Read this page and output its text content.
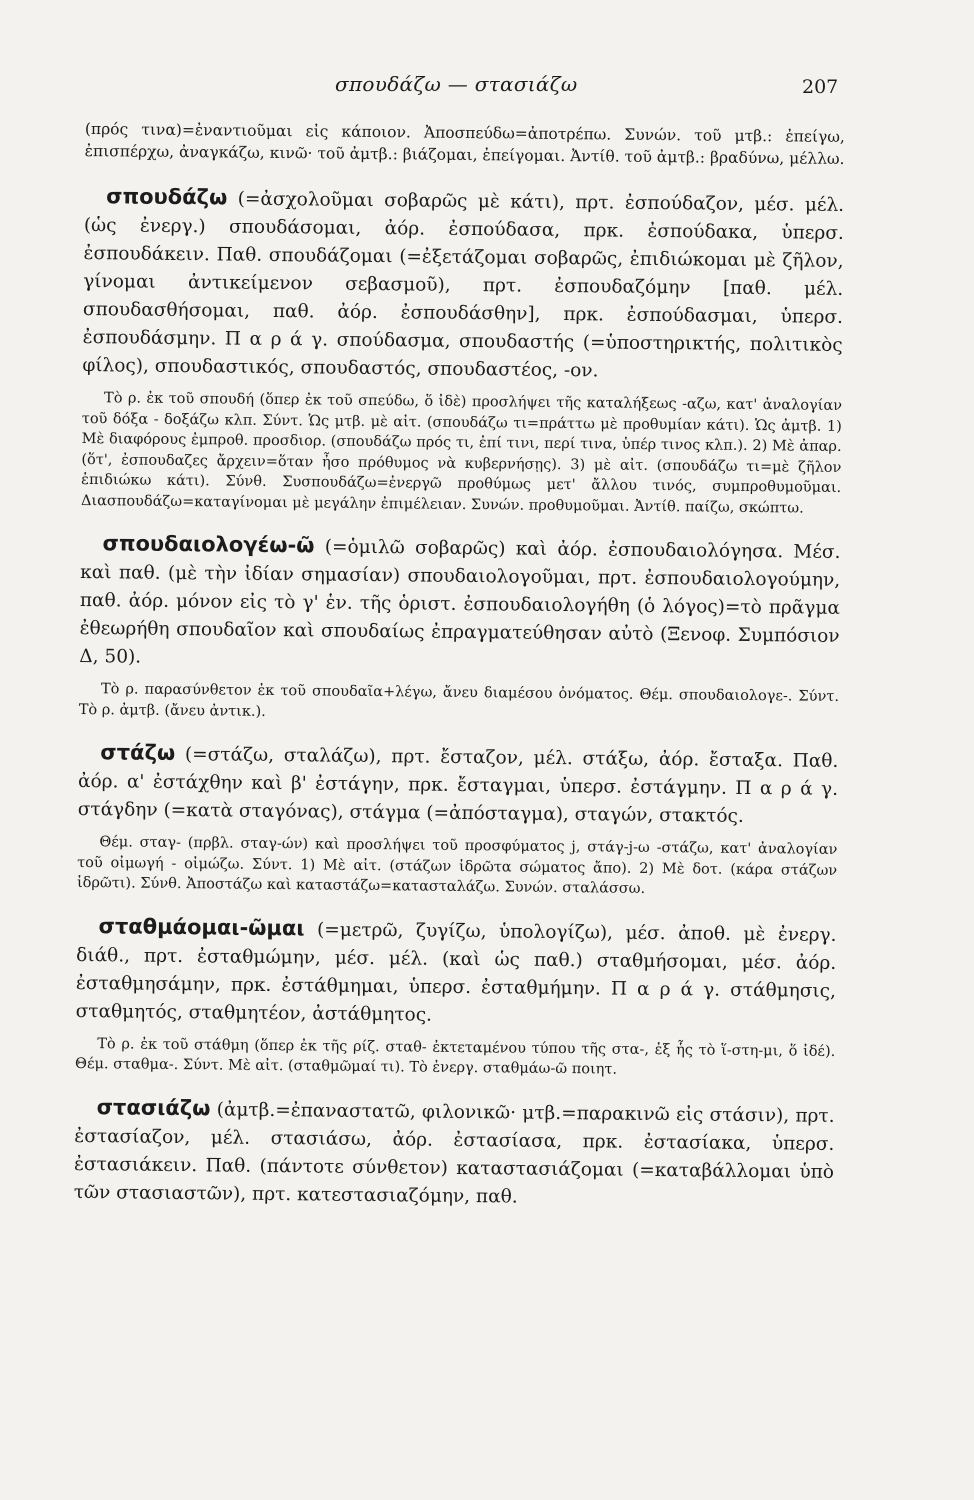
σπουδάζω — στασιάζω	207

(πρός τινα)=ἐναντιοῦμαι εἰς κάποιον. Ἀποσπεύδω=ἀποτρέπω. Συνών. τοῦ μτβ.: ἐπείγω, ἐπισπέρχω, ἀναγκάζω, κινῶ· τοῦ ἀμτβ.: βιάζομαι, ἐπείγομαι. Ἀντίθ. τοῦ ἀμτβ.: βραδύνω, μέλλω.

σπουδάζω (=ἀσχολοῦμαι σοβαρῶς μὲ κάτι), πρτ. ἐσπούδαζον, μέσ. μέλ. (ὡς ἐνεργ.) σπουδάσομαι, ἀόρ. ἐσπούδασα, πρκ. ἐσπούδακα, ὑπερσ. ἐσπουδάκειν. Παθ. σπουδάζομαι (=ἐξετάζομαι σοβαρῶς, ἐπιδιώκομαι μὲ ζῆλον, γίνομαι ἀντικείμενον σεβασμοῦ), πρτ. ἐσπουδαζόμην [παθ. μέλ. σπουδασθήσομαι, παθ. ἀόρ. ἐσπουδάσθην], πρκ. ἐσπούδασμαι, ὑπερσ. ἐσπουδάσμην. Π α ρ ά γ. σπούδασμα, σπουδαστής (=ὑποστηρικτής, πολιτικὸς φίλος), σπουδαστικός, σπουδαστός, σπουδαστέος, -ον.

Τὸ ρ. ἐκ τοῦ σπουδή (ὅπερ ἐκ τοῦ σπεύδω, ὅ ἰδὲ) προσλήψει τῆς καταλήξεως -αζω, κατ' ἀναλογίαν τοῦ δόξα - δοξάζω κλπ. Σύντ. Ὡς μτβ. μὲ αἰτ. (σπουδάζω τι=πράττω μὲ προθυμίαν κάτι). Ὡς ἀμτβ. 1) Μὲ διαφόρους ἐμπροθ. προσδιορ. (σπουδάζω πρός τι, ἐπί τινι, περί τινα, ὑπέρ τινος κλπ.). 2) Μὲ ἀπαρ. (ὅτ', ἐσπουδαζες ἄρχειν=ὅταν ἦσο πρόθυμος νὰ κυβερνήσῃς). 3) μὲ αἰτ. (σπουδάζω τι=μὲ ζῆλον ἐπιδιώκω κάτι). Σύνθ. Συσπουδάζω=ἐνεργῶ προθύμως μετ' ἄλλου τινός, συμπροθυμοῦμαι. Διασπουδάζω=καταγίνομαι μὲ μεγάλην ἐπιμέλειαν. Συνών. προθυμοῦμαι. Ἀντίθ. παίζω, σκώπτω.

σπουδαιολογέω-ῶ (=ὁμιλῶ σοβαρῶς) καὶ ἀόρ. ἐσπουδαιολόγησα. Μέσ. καὶ παθ. (μὲ τὴν ἰδίαν σημασίαν) σπουδαιολογοῦμαι, πρτ. ἐσπουδαιολογούμην, παθ. ἀόρ. μόνον εἰς τὸ γ' ἑν. τῆς ὁριστ. ἐσπουδαιολογήθη (ὁ λόγος)=τὸ πρᾶγμα ἐθεωρήθη σπουδαῖον καὶ σπουδαίως ἐπραγματεύθησαν αὐτὸ (Ξενοφ. Συμπόσιον Δ, 50).

Τὸ ρ. παρασύνθετον ἐκ τοῦ σπουδαῖα+λέγω, ἄνευ διαμέσου ὀνόματος. Θέμ. σπουδαιολογε-. Σύντ. Τὸ ρ. ἀμτβ. (ἄνευ ἀντικ.).

στάζω (=στάζω, σταλάζω), πρτ. ἔσταζον, μέλ. στάξω, ἀόρ. ἔσταξα. Παθ. ἀόρ. α' ἐστάχθην καὶ β' ἐστάγην, πρκ. ἔσταγμαι, ὑπερσ. ἐστάγμην. Π α ρ ά γ. στάγδην (=κατὰ σταγόνας), στάγμα (=ἀπόσταγμα), σταγών, στακτός.

Θέμ. σταγ- (πρβλ. σταγ-ών) καὶ προσλήψει τοῦ προσφύματος j, στάγ-j-ω -στάζω, κατ' ἀναλογίαν τοῦ οἰμωγή - οἰμώζω. Σύντ. 1) Μὲ αἰτ. (στάζων ἱδρῶτα σώματος ἄπο). 2) Μὲ δοτ. (κάρα στάζων ἱδρῶτι). Σύνθ. Ἀποστάζω καὶ καταστάζω=κατασταλάζω. Συνών. σταλάσσω.

σταθμάομαι-ῶμαι (=μετρῶ, ζυγίζω, ὑπολογίζω), μέσ. ἀποθ. μὲ ἐνεργ. διάθ., πρτ. ἐσταθμώμην, μέσ. μέλ. (καὶ ὡς παθ.) σταθμήσομαι, μέσ. ἀόρ. ἐσταθμησάμην, πρκ. ἐστάθμημαι, ὑπερσ. ἐσταθμήμην. Π α ρ ά γ. στάθμησις, σταθμητός, σταθμητέον, ἀστάθμητος.

Τὸ ρ. ἐκ τοῦ στάθμη (ὅπερ ἐκ τῆς ρίζ. σταθ- ἐκτεταμένου τύπου τῆς στα-, ἐξ ἧς τὸ ἵ-στη-μι, ὅ ἰδέ). Θέμ. σταθμα-. Σύντ. Μὲ αἰτ. (σταθμῶμαί τι). Τὸ ἐνεργ. σταθμάω-ῶ ποιητ.

στασιάζω (ἀμτβ.=ἐπαναστατῶ, φιλονικῶ· μτβ.=παρακινῶ εἰς στάσιν), πρτ. ἐστασίαζον, μέλ. στασιάσω, ἀόρ. ἐστασίασα, πρκ. ἐστασίακα, ὑπερσ. ἐστασιάκειν. Παθ. (πάντοτε σύνθετον) καταστασιάζομαι (=καταβάλλομαι ὑπὸ τῶν στασιαστῶν), πρτ. κατεστασιαζόμην, παθ.
